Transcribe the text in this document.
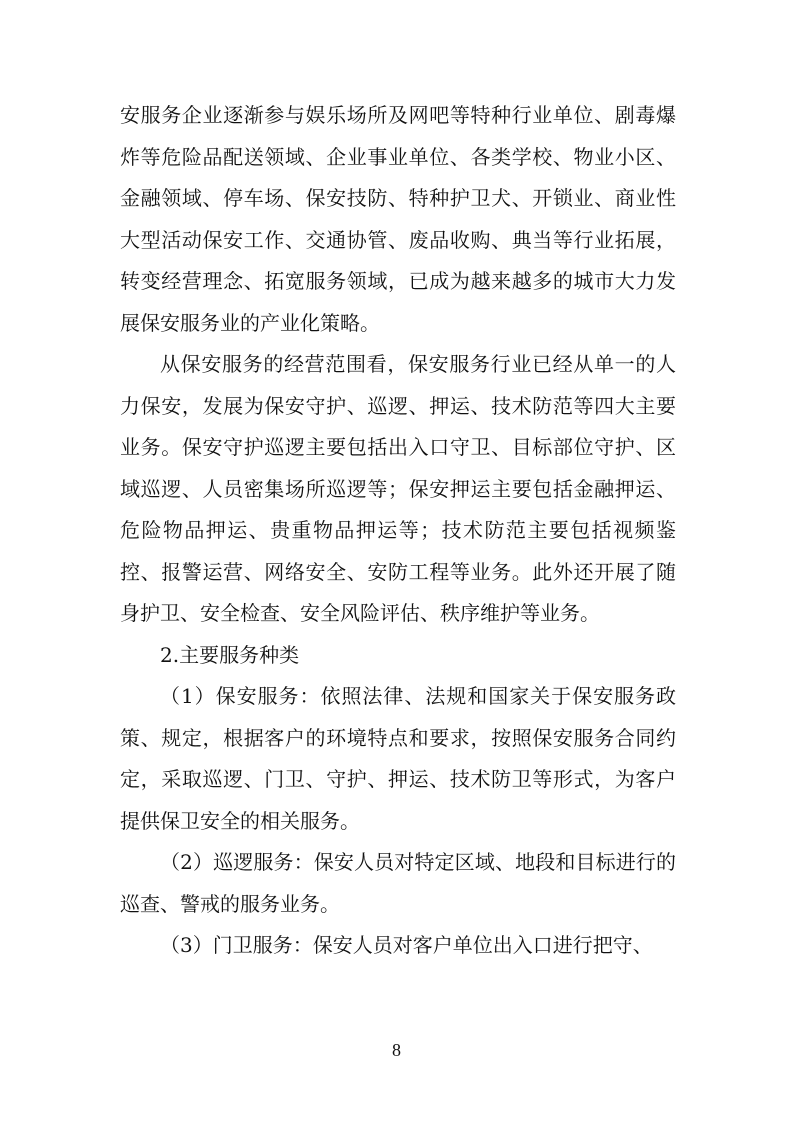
安服务企业逐渐参与娱乐场所及网吧等特种行业单位、剧毒爆炸等危险品配送领域、企业事业单位、各类学校、物业小区、金融领域、停车场、保安技防、特种护卫犬、开锁业、商业性大型活动保安工作、交通协管、废品收购、典当等行业拓展，转变经营理念、拓宽服务领域，已成为越来越多的城市大力发展保安服务业的产业化策略。

从保安服务的经营范围看，保安服务行业已经从单一的人力保安，发展为保安守护、巡逻、押运、技术防范等四大主要业务。保安守护巡逻主要包括出入口守卫、目标部位守护、区域巡逻、人员密集场所巡逻等；保安押运主要包括金融押运、危险物品押运、贵重物品押运等；技术防范主要包括视频鉴控、报警运营、网络安全、安防工程等业务。此外还开展了随身护卫、安全检查、安全风险评估、秩序维护等业务。

2.主要服务种类

（1）保安服务：依照法律、法规和国家关于保安服务政策、规定，根据客户的环境特点和要求，按照保安服务合同约定，采取巡逻、门卫、守护、押运、技术防卫等形式，为客户提供保卫安全的相关服务。

（2）巡逻服务：保安人员对特定区域、地段和目标进行的巡查、警戒的服务业务。

（3）门卫服务：保安人员对客户单位出入口进行把守、

8
